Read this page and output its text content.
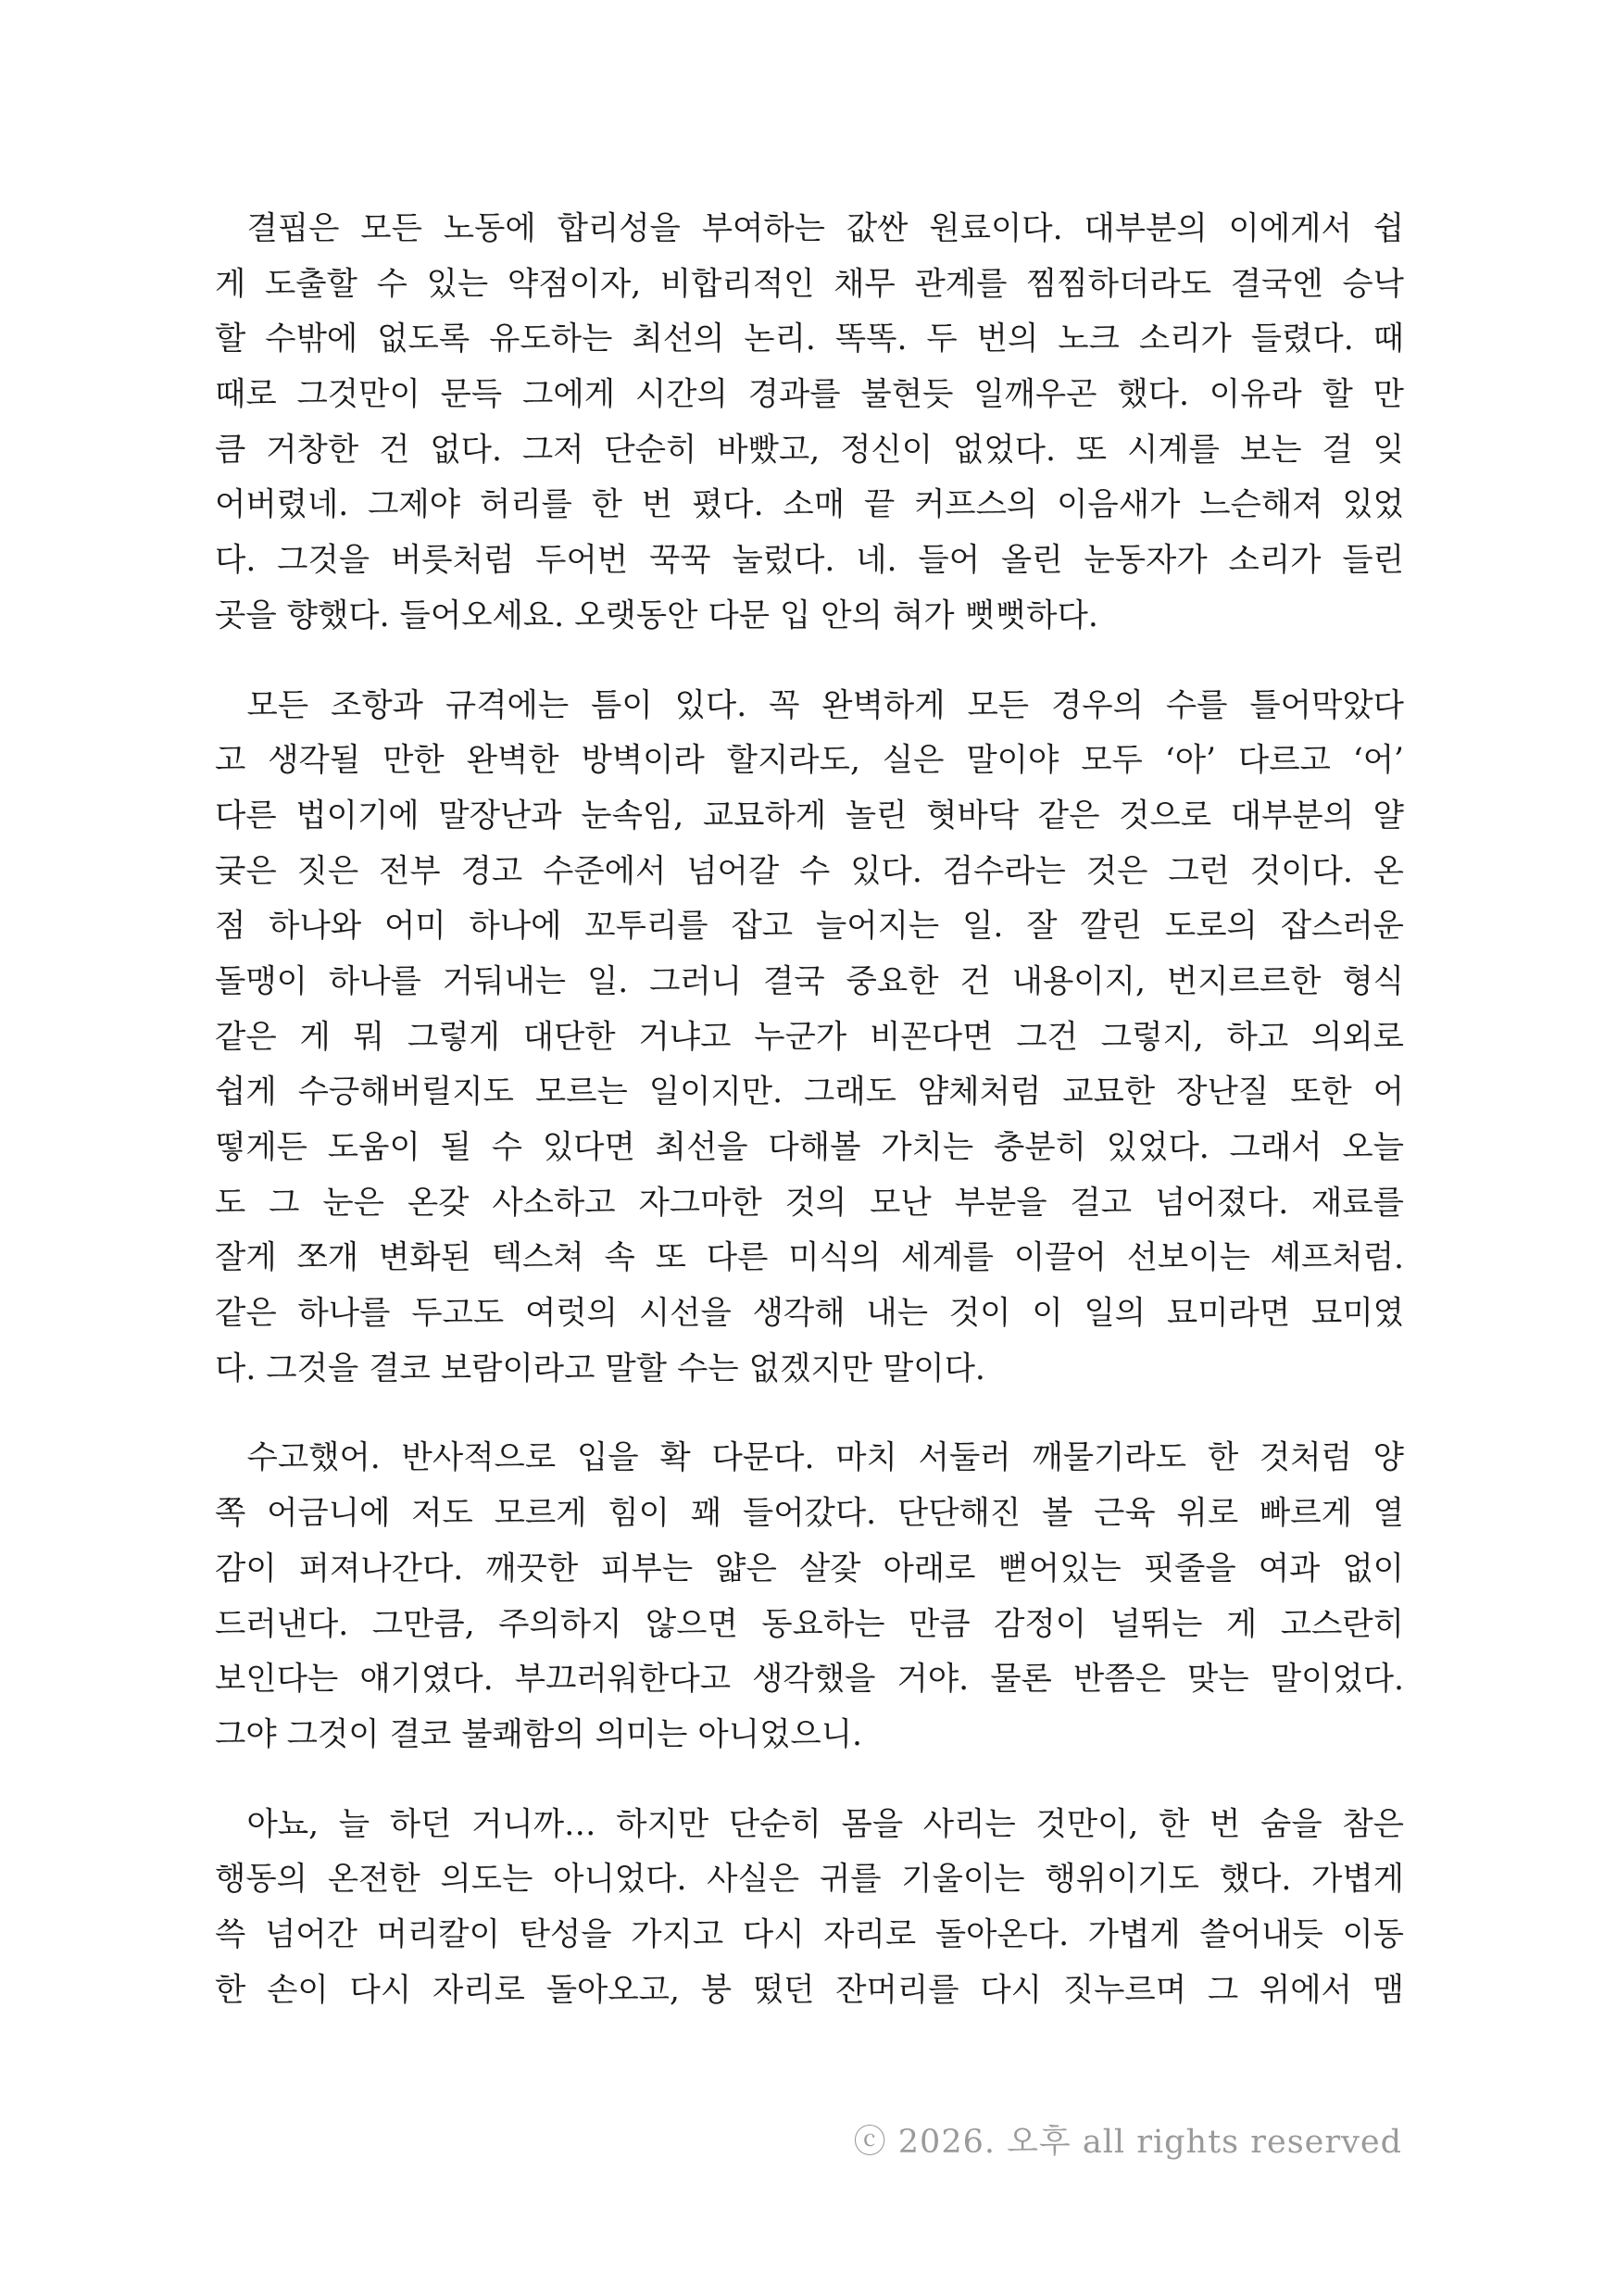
결핍은 모든 노동에 합리성을 부여하는 값싼 원료이다. 대부분의 이에게서 쉽
게 도출할 수 있는 약점이자, 비합리적인 채무 관계를 찜찜하더라도 결국엔 승낙
할 수밖에 없도록 유도하는 최선의 논리. 똑똑. 두 번의 노크 소리가 들렸다. 때
때로 그것만이 문득 그에게 시간의 경과를 불현듯 일깨우곤 했다. 이유라 할 만
큼 거창한 건 없다. 그저 단순히 바빴고, 정신이 없었다. 또 시계를 보는 걸 잊
어버렸네. 그제야 허리를 한 번 폈다. 소매 끝 커프스의 이음새가 느슨해져 있었
다. 그것을 버릇처럼 두어번 꾹꾹 눌렀다. 네. 들어 올린 눈동자가 소리가 들린
곳을 향했다. 들어오세요. 오랫동안 다문 입 안의 혀가 뻣뻣하다.
모든 조항과 규격에는 틈이 있다. 꼭 완벽하게 모든 경우의 수를 틀어막았다
고 생각될 만한 완벽한 방벽이라 할지라도, 실은 말이야 모두 ‘아’ 다르고 ‘어’
다른 법이기에 말장난과 눈속임, 교묘하게 놀린 혓바닥 같은 것으로 대부분의 얄
궂은 짓은 전부 경고 수준에서 넘어갈 수 있다. 검수라는 것은 그런 것이다. 온
점 하나와 어미 하나에 꼬투리를 잡고 늘어지는 일. 잘 깔린 도로의 잡스러운
돌맹이 하나를 거둬내는 일. 그러니 결국 중요한 건 내용이지, 번지르르한 형식
같은 게 뭐 그렇게 대단한 거냐고 누군가 비꼰다면 그건 그렇지, 하고 의외로
쉽게 수긍해버릴지도 모르는 일이지만. 그래도 얌체처럼 교묘한 장난질 또한 어
떻게든 도움이 될 수 있다면 최선을 다해볼 가치는 충분히 있었다. 그래서 오늘
도 그 눈은 온갖 사소하고 자그마한 것의 모난 부분을 걸고 넘어졌다. 재료를
잘게 쪼개 변화된 텍스쳐 속 또 다른 미식의 세계를 이끌어 선보이는 셰프처럼.
같은 하나를 두고도 여럿의 시선을 생각해 내는 것이 이 일의 묘미라면 묘미였
다. 그것을 결코 보람이라고 말할 수는 없겠지만 말이다.
수고했어. 반사적으로 입을 확 다문다. 마치 서둘러 깨물기라도 한 것처럼 양
쪽 어금니에 저도 모르게 힘이 꽤 들어갔다. 단단해진 볼 근육 위로 빠르게 열
감이 퍼져나간다. 깨끗한 피부는 얇은 살갗 아래로 뻗어있는 핏줄을 여과 없이
드러낸다. 그만큼, 주의하지 않으면 동요하는 만큼 감정이 널뛰는 게 고스란히
보인다는 얘기였다. 부끄러워한다고 생각했을 거야. 물론 반쯤은 맞는 말이었다.
그야 그것이 결코 불쾌함의 의미는 아니었으니.
아뇨, 늘 하던 거니까… 하지만 단순히 몸을 사리는 것만이, 한 번 숨을 참은
행동의 온전한 의도는 아니었다. 사실은 귀를 기울이는 행위이기도 했다. 가볍게
쓱 넘어간 머리칼이 탄성을 가지고 다시 자리로 돌아온다. 가볍게 쓸어내듯 이동
한 손이 다시 자리로 돌아오고, 붕 떴던 잔머리를 다시 짓누르며 그 위에서 맴
ⓒ 2026. 오후 all rights reserved
